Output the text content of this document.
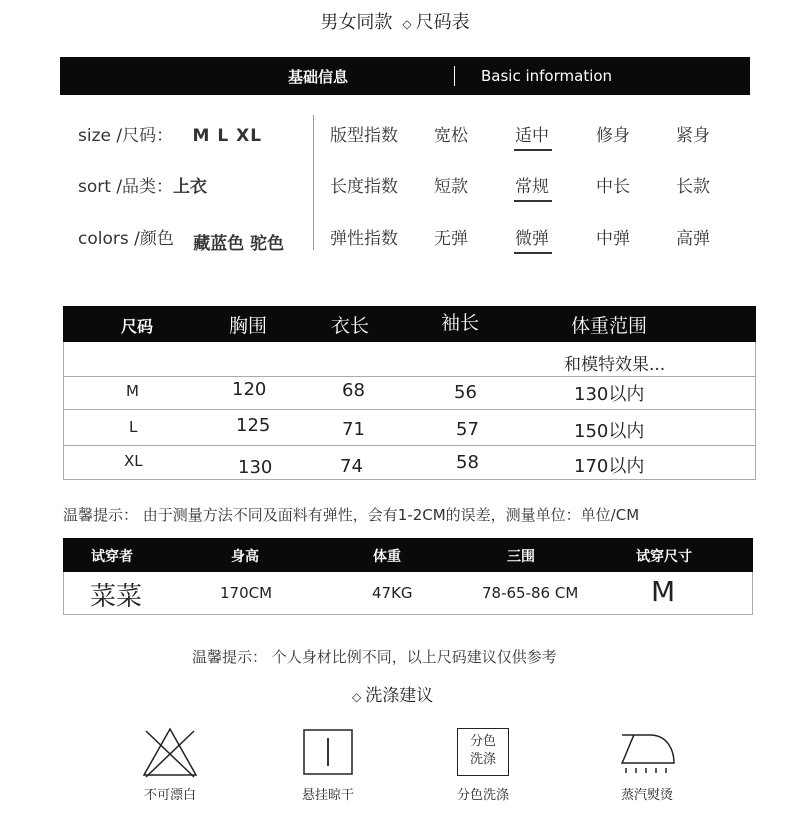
男女同款 ◇ 尺码表
基础信息	Basic information
size /尺码： M L XL
sort /品类：上衣
colors /颜色 藏蓝色 驼色
版型指数 宽松	适中	修身	紧身
长度指数 短款	常规	中长	长款
弹性指数 无弹	微弹	中弹	高弹
尺码	胸围	衣长	袖长	体重范围
和模特效果...
M	120	68	56	130以内
L	125	71	57	150以内
XL	130	74	58	170以内
温馨提示： 由于测量方法不同及面料有弹性，会有1-2CM的误差，测量单位：单位/CM
试穿者	身高	体重	三围	试穿尺寸
菜菜	170CM	47KG	78-65-86 CM	M
温馨提示： 个人身材比例不同，以上尺码建议仅供参考
◇ 洗涤建议
分色
洗涤
不可漂白	悬挂晾干	分色洗涤	蒸汽熨烫
